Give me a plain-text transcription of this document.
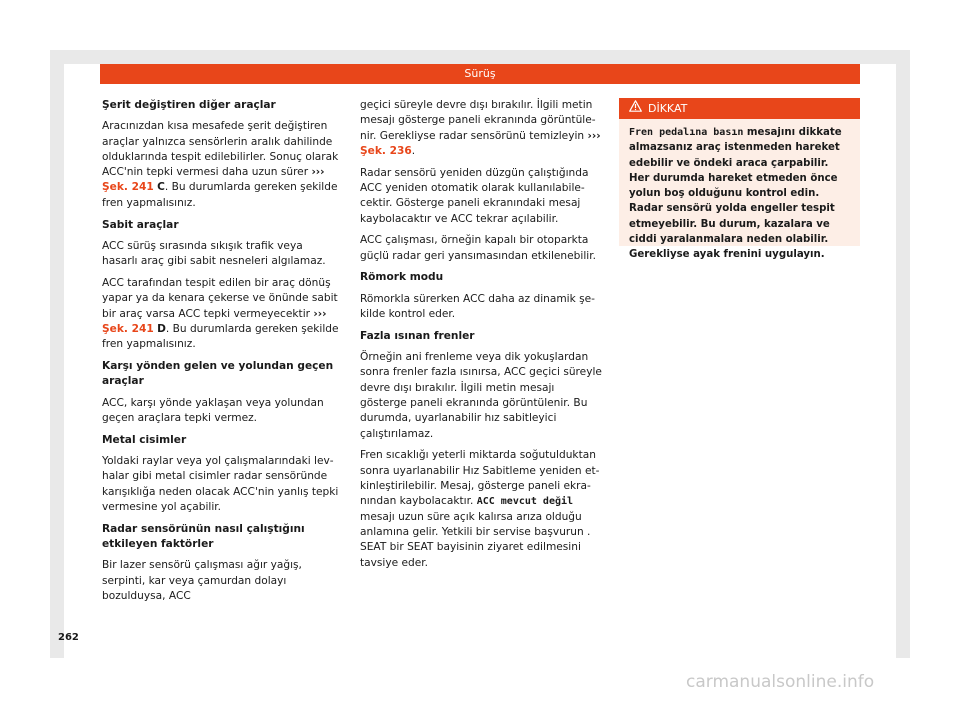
Sürüş
Şerit değiştiren diğer araçlar

Aracınızdan kısa mesafede şerit değiştiren araçlar yalnızca sensörlerin aralık dahilinde olduklarında tespit edilebilirler. Sonuç olarak ACC'nin tepki vermesi daha uzun sürer ››› Şek. 241 C. Bu durumlarda gereken şekilde fren yapmalısınız.

Sabit araçlar

ACC sürüş sırasında sıkışık trafik veya hasarlı araç gibi sabit nesneleri algılamaz.

ACC tarafından tespit edilen bir araç dönüş yapar ya da kenara çekerse ve önünde sabit bir araç varsa ACC tepki vermeyecektir ››› Şek. 241 D. Bu durumlarda gereken şekilde fren yapmalısınız.

Karşı yönden gelen ve yolundan geçen araçlar

ACC, karşı yönde yaklaşan veya yolundan geçen araçlara tepki vermez.

Metal cisimler

Yoldaki raylar veya yol çalışmalarındaki levhalar gibi metal cisimler radar sensöründe karışıklığa neden olacak ACC'nin yanlış tepki vermesine yol açabilir.

Radar sensörünün nasıl çalıştığını etkileyen faktörler

Bir lazer sensörü çalışması ağır yağış, serpinti, kar veya çamurdan dolayı bozulduysa, ACC

geçici süreyle devre dışı bırakılır. İlgili metin mesajı gösterge paneli ekranında görüntülenir. Gerekliyse radar sensörünü temizleyin ››› Şek. 236.

Radar sensörü yeniden düzgün çalıştığında ACC yeniden otomatik olarak kullanılabilecektir. Gösterge paneli ekranındaki mesaj kaybolacaktır ve ACC tekrar açılabilir.

ACC çalışması, örneğin kapalı bir otoparkta güçlü radar geri yansımasından etkilenebilir.

Römork modu

Römorkla sürerken ACC daha az dinamik şekilde kontrol eder.

Fazla ısınan frenler

Örneğin ani frenleme veya dik yokuşlardan sonra frenler fazla ısınırsa, ACC geçici süreyle devre dışı bırakılır. İlgili metin mesajı gösterge paneli ekranında görüntülenir. Bu durumda, uyarlanabilir hız sabitleyici çalıştırılamaz.

Fren sıcaklığı yeterli miktarda soğutulduktan sonra uyarlanabilir Hız Sabitleme yeniden etkinleştirilebilir. Mesaj, gösterge paneli ekranından kaybolacaktır. ACC mevcut değil mesajı uzun süre açık kalırsa arıza olduğu anlamına gelir. Yetkili bir servise başvurun . SEAT bir SEAT bayisinin ziyaret edilmesini tavsiye eder.

DİKKAT
Fren pedalına basın mesajını dikkate almazsanız araç istenmeden hareket edebilir ve öndeki araca çarpabilir. Her durumda hareket etmeden önce yolun boş olduğunu kontrol edin. Radar sensörü yolda engeller tespit etmeyebilir. Bu durum, kazalara ve ciddi yaralanmalara neden olabilir. Gerekliyse ayak frenini uygulayın.
262
carmanualsonline.info
